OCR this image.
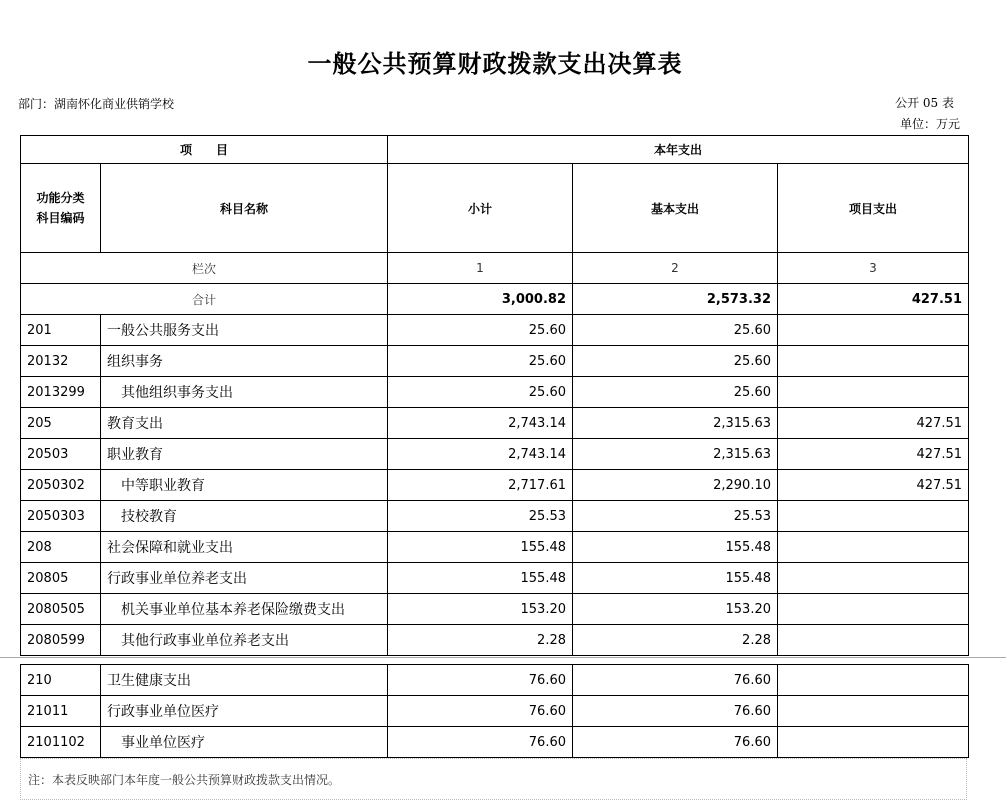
一般公共预算财政拨款支出决算表
部门：湖南怀化商业供销学校	公开 05 表
单位：万元
项　　目		本年支出		
功能分类
科目编码	科目名称	小计	基本支出	项目支出
栏次		1	2	3
合计		3,000.82	2,573.32	427.51
201	一般公共服务支出	25.60	25.60	
20132	组织事务	25.60	25.60	
2013299	其他组织事务支出	25.60	25.60	
205	教育支出	2,743.14	2,315.63	427.51
20503	职业教育	2,743.14	2,315.63	427.51
2050302	中等职业教育	2,717.61	2,290.10	427.51
2050303	技校教育	25.53	25.53	
208	社会保障和就业支出	155.48	155.48	
20805	行政事业单位养老支出	155.48	155.48	
2080505	机关事业单位基本养老保险缴费支出	153.20	153.20	
2080599	其他行政事业单位养老支出	2.28	2.28	
210	卫生健康支出	76.60	76.60	
21011	行政事业单位医疗	76.60	76.60	
2101102	事业单位医疗	76.60	76.60	
注：本表反映部门本年度一般公共预算财政拨款支出情况。
